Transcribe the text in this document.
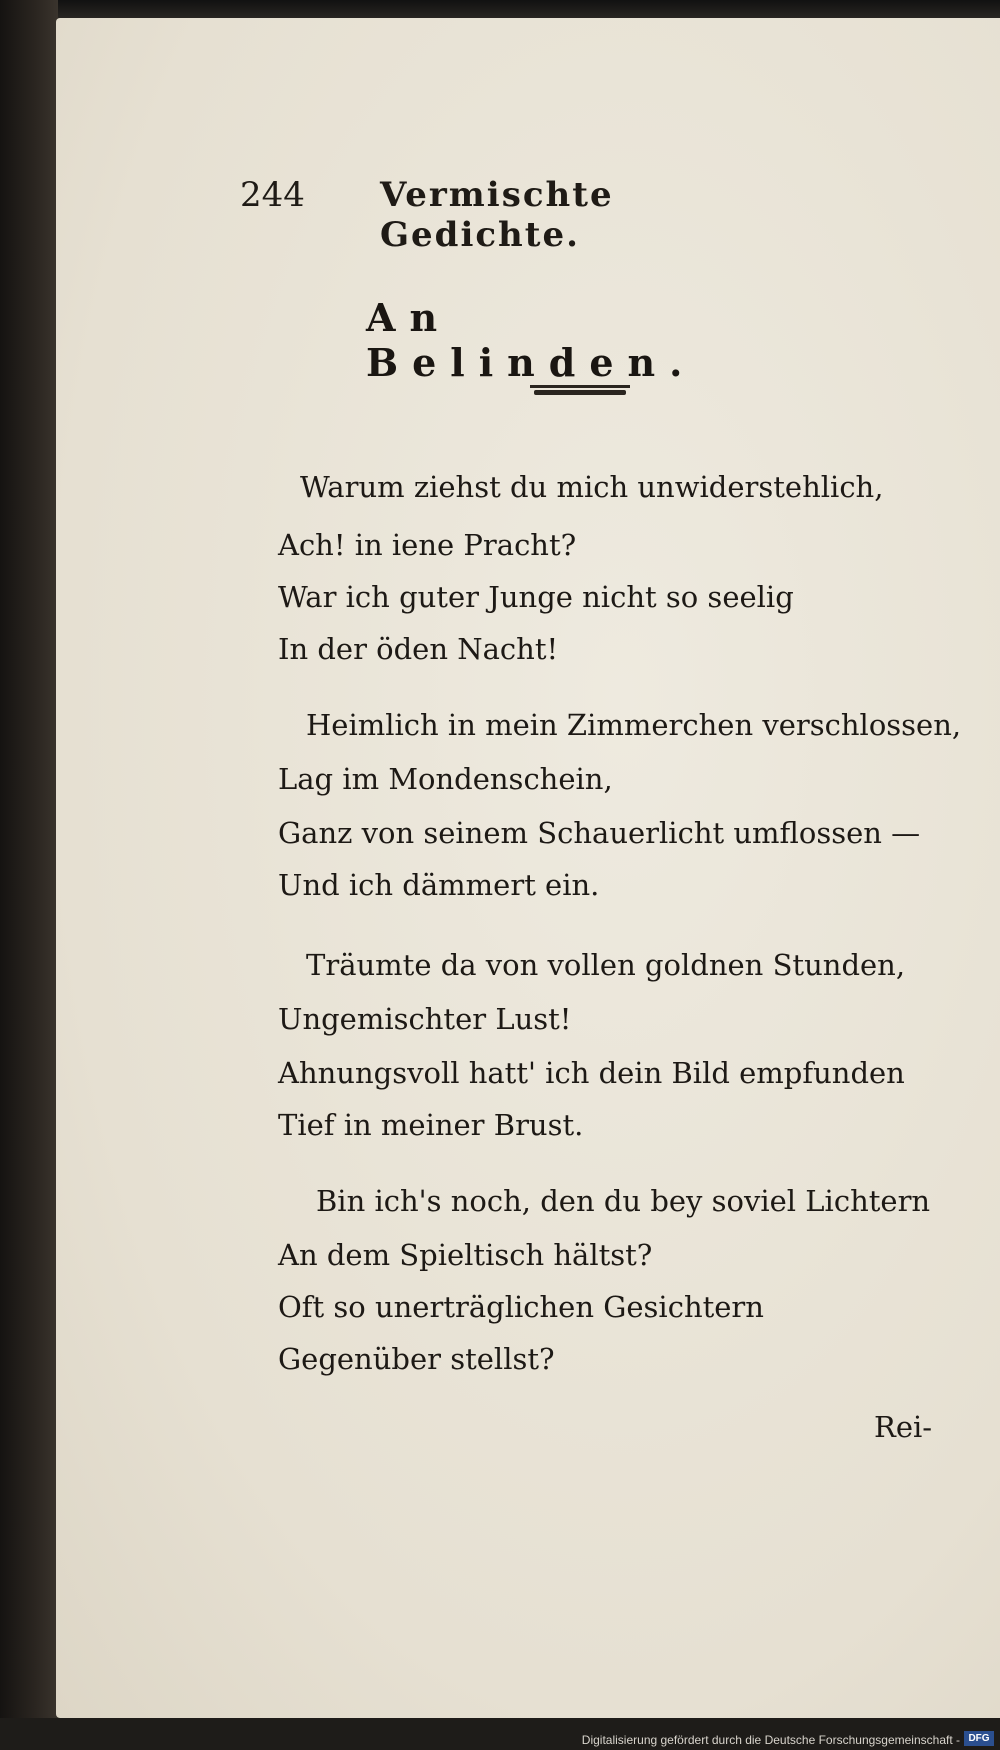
244 Vermischte Gedichte.
An Belinden.
Warum ziehst du mich unwiderstehlich,
Ach! in iene Pracht?
War ich guter Junge nicht so seelig
In der öden Nacht!
Heimlich in mein Zimmerchen verschlossen,
Lag im Mondenschein,
Ganz von seinem Schauerlicht umflossen —
Und ich dämmert ein.
Träumte da von vollen goldnen Stunden,
Ungemischter Lust!
Ahnungsvoll hatt' ich dein Bild empfunden
Tief in meiner Brust.
Bin ich's noch, den du bey soviel Lichtern
An dem Spieltisch hältst?
Oft so unerträglichen Gesichtern
Gegenüber stellst?
Rei-
Digitalisierung gefördert durch die Deutsche Forschungsgemeinschaft - DFG
